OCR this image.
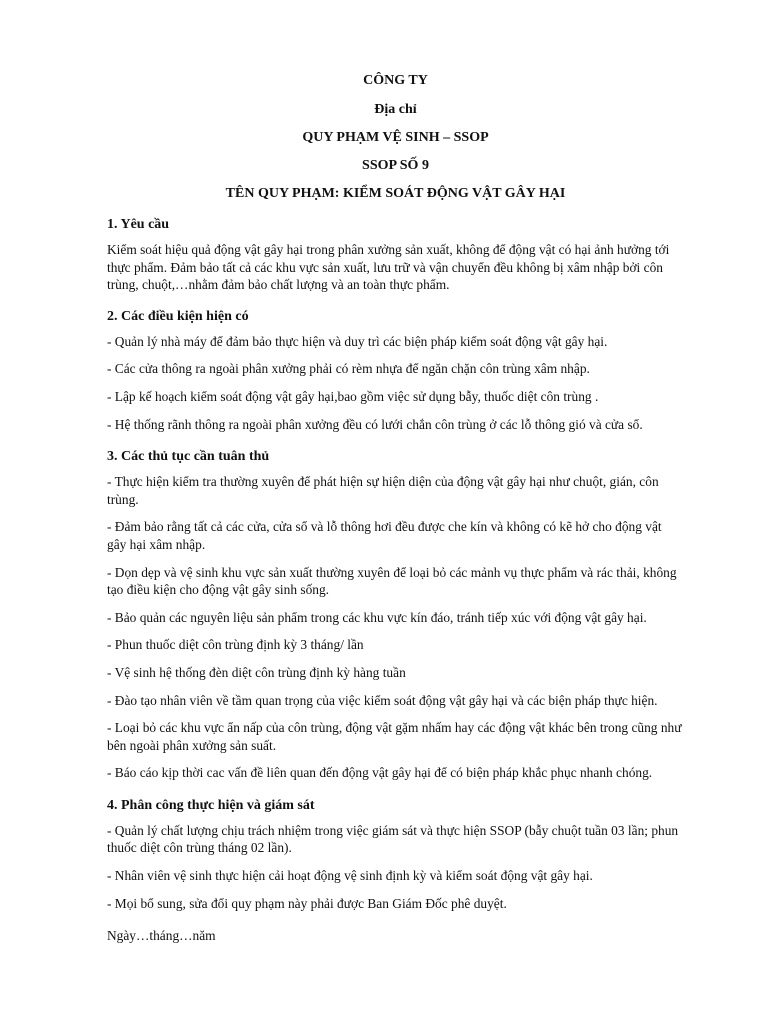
CÔNG TY

Địa chỉ

QUY PHẠM VỆ SINH – SSOP

SSOP SỐ 9

TÊN QUY PHẠM: KIỂM SOÁT ĐỘNG VẬT GÂY HẠI

1. Yêu cầu

Kiểm soát hiệu quả động vật gây hại trong phân xưởng sản xuất, không để động vật có hại ảnh hưởng tới thực phẩm. Đảm bảo tất cả các khu vực sản xuất, lưu trữ và vận chuyển đều không bị xâm nhập bởi côn trùng, chuột,…nhằm đảm bảo chất lượng và an toàn thực phẩm.

2. Các điều kiện hiện có

- Quản lý nhà máy để đảm bảo thực hiện và duy trì các biện pháp kiểm soát động vật gây hại.

- Các cửa thông ra ngoài phân xưởng phải có rèm nhựa để ngăn chặn côn trùng xâm nhập.

- Lập kế hoạch kiểm soát động vật gây hại,bao gồm việc sử dụng bẫy, thuốc diệt côn trùng .

- Hệ thống rãnh thông ra ngoài phân xưởng đều có lưới chắn côn trùng ở các lỗ thông gió và cửa sổ.

3. Các thủ tục cần tuân thủ

- Thực hiện kiểm tra thường xuyên để phát hiện sự hiện diện của động vật gây hại như chuột, gián, côn trùng.

- Đảm bảo rằng tất cả các cửa, cửa sổ và lỗ thông hơi đều được che kín và không có kẽ hở cho động vật gây hại xâm nhập.

- Dọn dẹp và vệ sinh khu vực sản xuất thường xuyên để loại bỏ các mảnh vụ thực phẩm và rác thải, không tạo điều kiện cho động vật gây sinh sống.

- Bảo quản các nguyên liệu sản phẩm trong các khu vực kín đáo, tránh tiếp xúc với động vật gây hại.

- Phun thuốc diệt côn trùng định kỳ 3 tháng/ lần

- Vệ sinh hệ thống đèn diệt côn trùng định kỳ hàng tuần

- Đào tạo nhân viên về tầm quan trọng của việc kiểm soát động vật gây hại và các biện pháp thực hiện.

- Loại bỏ các khu vực ẩn nấp của côn trùng, động vật gặm nhấm hay các động vật khác bên trong cũng như bên ngoài phân xưởng sản suất.

- Báo cáo kịp thời cac vấn đề liên quan đến động vật gây hại để có biện pháp khắc phục nhanh chóng.

4. Phân công thực hiện và giám sát

- Quản lý chất lượng chịu trách nhiệm trong việc giám sát và thực hiện SSOP (bẫy chuột tuần 03 lần; phun thuốc diệt côn trùng tháng 02 lần).

- Nhân viên vệ sinh thực hiện cải hoạt động vệ sinh định kỳ và kiểm soát động vật gây hại.

- Mọi bổ sung, sửa đổi quy phạm này phải được Ban Giám Đốc phê duyệt.

Ngày…tháng…năm
